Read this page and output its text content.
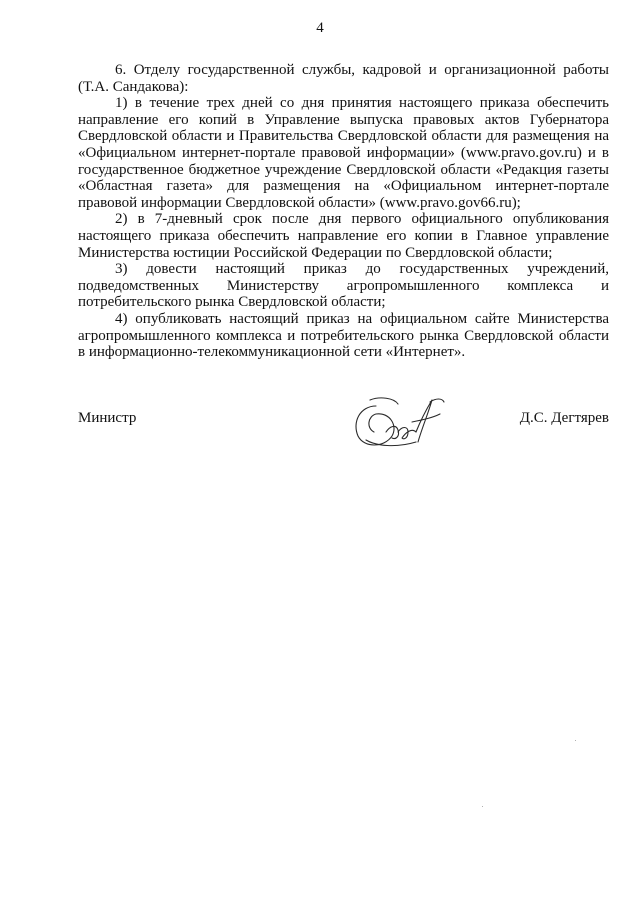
4

6. Отделу государственной службы, кадровой и организационной работы (Т.А. Сандакова):

1) в течение трех дней со дня принятия настоящего приказа обеспечить направление его копий в Управление выпуска правовых актов Губернатора Свердловской области и Правительства Свердловской области для размещения на «Официальном интернет-портале правовой информации» (www.pravo.gov.ru) и в государственное бюджетное учреждение Свердловской области «Редакция газеты «Областная газета» для размещения на «Официальном интернет-портале правовой информации Свердловской области» (www.pravo.gov66.ru);

2) в 7-дневный срок после дня первого официального опубликования настоящего приказа обеспечить направление его копии в Главное управление Министерства юстиции Российской Федерации по Свердловской области;

3) довести настоящий приказ до государственных учреждений, подведомственных Министерству агропромышленного комплекса и потребительского рынка Свердловской области;

4) опубликовать настоящий приказ на официальном сайте Министерства агропромышленного комплекса и потребительского рынка Свердловской области в информационно-телекоммуникационной сети «Интернет».

Министр	Д.С. Дегтярев
